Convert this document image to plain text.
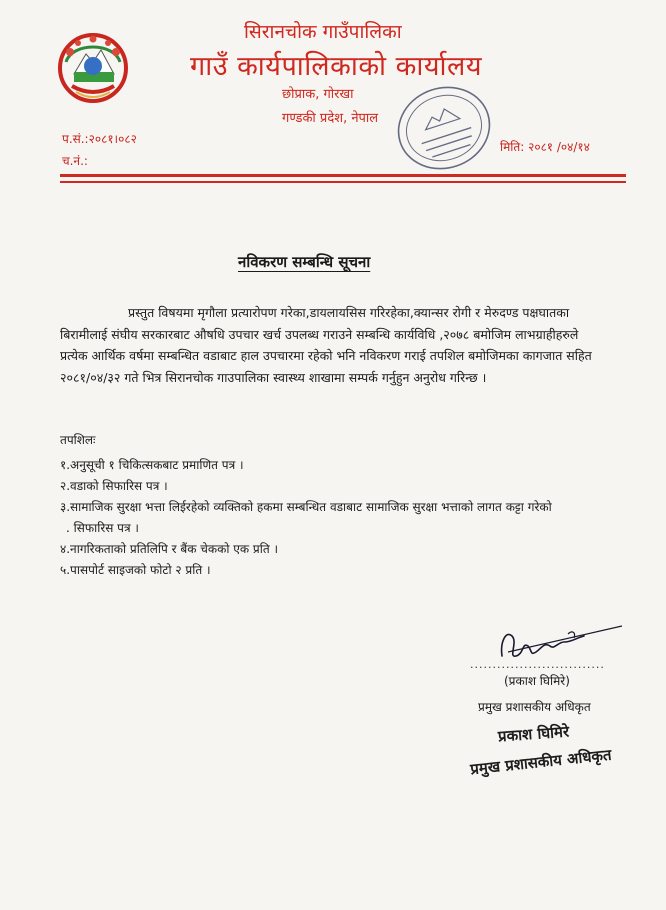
सिरानचोक गाउँपालिका
गाउँ कार्यपालिकाको कार्यालय
छोप्राक, गोरखा
गण्डकी प्रदेश, नेपाल
प.सं.:२०८१।०८२
च.नं.:
मिति: २०८१ /०४/१४
नविकरण सम्बन्धि सूचना
प्रस्तुत विषयमा मृगौला प्रत्यारोपण गरेका,डायलायसिस गरिरहेका,क्यान्सर रोगी र मेरुदण्ड पक्षघातका
बिरामीलाई संघीय सरकारबाट औषधि उपचार खर्च उपलब्ध गराउने सम्बन्धि कार्यविधि ,२०७८ बमोजिम लाभग्राहीहरुले
प्रत्येक आर्थिक वर्षमा सम्बन्धित वडाबाट हाल उपचारमा रहेको भनि नविकरण गराई तपशिल बमोजिमका कागजात सहित
२०८१/०४/३२ गते भित्र सिरानचोक गाउपालिका स्वास्थ्य शाखामा सम्पर्क गर्नुहुन अनुरोध गरिन्छ ।
तपशिलः
१.अनुसूची १ चिकित्सकबाट प्रमाणित पत्र ।
२.वडाको सिफारिस पत्र ।
३.सामाजिक सुरक्षा भत्ता लिईरहेको व्यक्तिको हकमा सम्बन्धित वडाबाट सामाजिक सुरक्षा भत्ताको लागत कट्टा गरेको
. सिफारिस पत्र ।
४.नागरिकताको प्रतिलिपि र बैंक चेकको एक प्रति ।
५.पासपोर्ट साइजको फोटो २ प्रति ।
..............................
(प्रकाश घिमिरे)
प्रमुख प्रशासकीय अधिकृत
प्रकाश घिमिरे
प्रमुख प्रशासकीय अधिकृत
